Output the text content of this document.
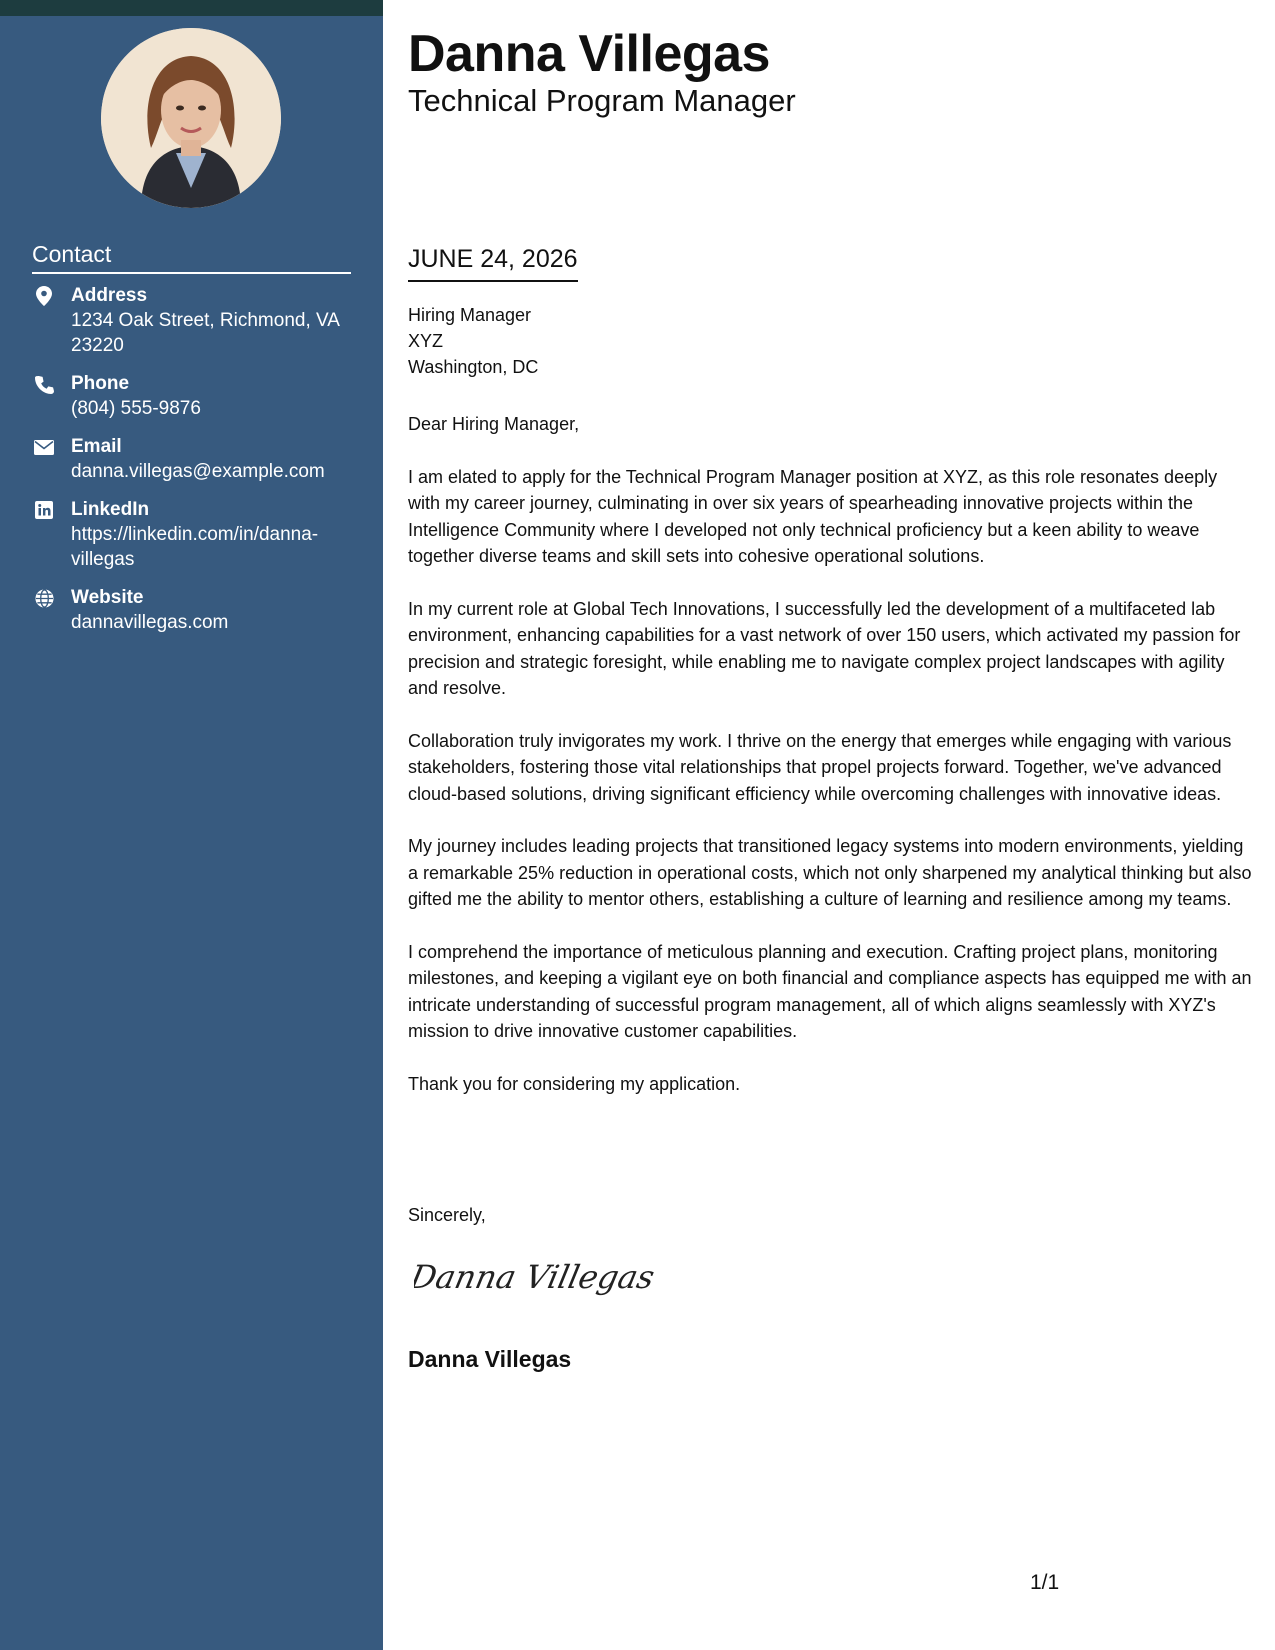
Contact
Address
1234 Oak Street, Richmond, VA 23220
Phone
(804) 555-9876
Email
danna.villegas@example.com
LinkedIn
https://linkedin.com/in/danna-villegas
Website
dannavillegas.com
Danna Villegas
Technical Program Manager
JUNE 24, 2026
Hiring Manager
XYZ
Washington, DC

Dear Hiring Manager,

I am elated to apply for the Technical Program Manager position at XYZ, as this role resonates deeply with my career journey, culminating in over six years of spearheading innovative projects within the Intelligence Community where I developed not only technical proficiency but a keen ability to weave together diverse teams and skill sets into cohesive operational solutions.

In my current role at Global Tech Innovations, I successfully led the development of a multifaceted lab environment, enhancing capabilities for a vast network of over 150 users, which activated my passion for precision and strategic foresight, while enabling me to navigate complex project landscapes with agility and resolve.

Collaboration truly invigorates my work. I thrive on the energy that emerges while engaging with various stakeholders, fostering those vital relationships that propel projects forward. Together, we've advanced cloud-based solutions, driving significant efficiency while overcoming challenges with innovative ideas.

My journey includes leading projects that transitioned legacy systems into modern environments, yielding a remarkable 25% reduction in operational costs, which not only sharpened my analytical thinking but also gifted me the ability to mentor others, establishing a culture of learning and resilience among my teams.

I comprehend the importance of meticulous planning and execution. Crafting project plans, monitoring milestones, and keeping a vigilant eye on both financial and compliance aspects has equipped me with an intricate understanding of successful program management, all of which aligns seamlessly with XYZ's mission to drive innovative customer capabilities.

Thank you for considering my application.

Sincerely,
Danna Villegas
Danna Villegas
1/1
